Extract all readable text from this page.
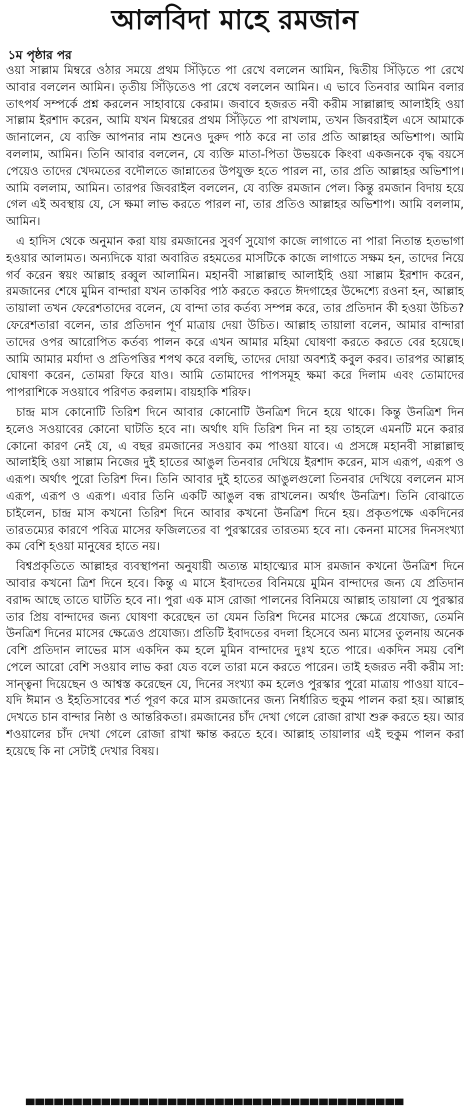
আলবিদা মাহে রমজান
১ম পৃষ্ঠার পর

ওয়া সাল্লাম মিম্বরে ওঠার সময়ে প্রথম সিঁড়িতে পা রেখে বললেন আমিন, দ্বিতীয় সিঁড়িতে পা রেখে আবার বললেন আমিন। তৃতীয় সিঁড়িতেও পা রেখে বললেন আমিন। এ ভাবে তিনবার আমিন বলার তাৎপর্য সম্পর্কে প্রশ্ন করলেন সাহাবায়ে কেরাম। জবাবে হজরত নবী করীম সাল্লাল্লাহু আলাইহি ওয়া সাল্লাম ইরশাদ করেন, আমি যখন মিম্বরের প্রথম সিঁড়িতে পা রাখলাম, তখন জিবরাইল এসে আমাকে জানালেন, যে ব্যক্তি আপনার নাম শুনেও দুরুদ পাঠ করে না তার প্রতি আল্লাহর অভিশাপ। আমি বললাম, আমিন। তিনি আবার বললেন, যে ব্যক্তি মাতা-পিতা উভয়কে কিংবা একজনকে বৃদ্ধ বয়সে পেয়েও তাদের খেদমতের বদৌলতে জান্নাতের উপযুক্ত হতে পারল না, তার প্রতি আল্লাহর অভিশাপ। আমি বললাম, আমিন। তারপর জিবরাইল বললেন, যে ব্যক্তি রমজান পেল। কিন্তু রমজান বিদায় হয়ে গেল এই অবস্থায় যে, সে ক্ষমা লাভ করতে পারল না, তার প্রতিও আল্লাহর অভিশাপ। আমি বললাম, আমিন।

এ হাদিস থেকে অনুমান করা যায় রমজানের সুবর্ণ সুযোগ কাজে লাগাতে না পারা নিতান্ত হতভাগা হওয়ার আলামত। অন্যদিকে যারা অবারিত রহমতের মাসটিকে কাজে লাগাতে সক্ষম হন, তাদের নিয়ে গর্ব করেন স্বয়ং আল্লাহ রব্বুল আলামিন। মহানবী সাল্লাল্লাহু আলাইহি ওয়া সাল্লাম ইরশাদ করেন, রমজানের শেষে মুমিন বান্দারা যখন তাকবির পাঠ করতে করতে ঈদগাহের উদ্দেশ্যে রওনা হন, আল্লাহ তায়ালা তখন ফেরেশতাদের বলেন, যে বান্দা তার কর্তব্য সম্পন্ন করে, তার প্রতিদান কী হওয়া উচিত? ফেরেশতারা বলেন, তার প্রতিদান পূর্ণ মাত্রায় দেয়া উচিত। আল্লাহ তায়ালা বলেন, আমার বান্দারা তাদের ওপর আরোপিত কর্তব্য পালন করে এখন আমার মহিমা ঘোষণা করতে করতে বের হয়েছে। আমি আমার মর্যাদা ও প্রতিপত্তির শপথ করে বলছি, তাদের দোয়া অবশ্যই কবুল করব। তারপর আল্লাহ ঘোষণা করেন, তোমরা ফিরে যাও। আমি তোমাদের পাপসমূহ ক্ষমা করে দিলাম এবং তোমাদের পাপরাশিকে সওয়াবে পরিণত করলাম। বায়হাকি শরিফ।

চান্দ্র মাস কোনোটি তিরিশ দিনে আবার কোনোটি উনত্রিশ দিনে হয়ে থাকে। কিন্তু উনত্রিশ দিন হলেও সওয়াবের কোনো ঘাটতি হবে না। অর্থাৎ যদি তিরিশ দিন না হয় তাহলে এমনটি মনে করার কোনো কারণ নেই যে, এ বছর রমজানের সওয়াব কম পাওয়া যাবে। এ প্রসঙ্গে মহানবী সাল্লাল্লাহু আলাইহি ওয়া সাল্লাম নিজের দুই হাতের আঙুল তিনবার দেখিয়ে ইরশাদ করেন, মাস এরূপ, এরূপ ও এরূপ। অর্থাৎ পুরো তিরিশ দিন। তিনি আবার দুই হাতের আঙুলগুলো তিনবার দেখিয়ে বললেন মাস এরূপ, এরূপ ও এরূপ। এবার তিনি একটি আঙুল বন্ধ রাখলেন। অর্থাৎ উনত্রিশ। তিনি বোঝাতে চাইলেন, চান্দ্র মাস কখনো তিরিশ দিনে আবার কখনো উনত্রিশ দিনে হয়। প্রকৃতপক্ষে একদিনের তারতম্যের কারণে পবিত্র মাসের ফজিলতের বা পুরস্কারের তারতম্য হবে না। কেননা মাসের দিনসংখ্যা কম বেশি হওয়া মানুষের হাতে নয়।

বিশ্বপ্রকৃতিতে আল্লাহর ব্যবস্থাপনা অনুযায়ী অত্যন্ত মাহাত্ম্যের মাস রমজান কখনো উনত্রিশ দিনে আবার কখনো ত্রিশ দিনে হবে। কিন্তু এ মাসে ইবাদতের বিনিময়ে মুমিন বান্দাদের জন্য যে প্রতিদান বরাদ্দ আছে তাতে ঘাটতি হবে না। পুরা এক মাস রোজা পালনের বিনিময়ে আল্লাহ তায়ালা যে পুরস্কার তার প্রিয় বান্দাদের জন্য ঘোষণা করেছেন তা যেমন তিরিশ দিনের মাসের ক্ষেত্রে প্রযোজ্য, তেমনি উনত্রিশ দিনের মাসের ক্ষেত্রেও প্রযোজ্য। প্রতিটি ইবাদতের বদলা হিসেবে অন্য মাসের তুলনায় অনেক বেশি প্রতিদান লাভের মাস একদিন কম হলে মুমিন বান্দাদের দুঃখ হতে পারে। একদিন সময় বেশি পেলে আরো বেশি সওয়াব লাভ করা যেত বলে তারা মনে করতে পারেন। তাই হজরত নবী করীম সা: সান্ত্বনা দিয়েছেন ও আশ্বস্ত করেছেন যে, দিনের সংখ্যা কম হলেও পুরস্কার পুরো মাত্রায় পাওয়া যাবে– যদি ঈমান ও ইহতিসাবের শর্ত পূরণ করে মাস রমজানের জন্য নির্ধারিত হুকুম পালন করা হয়। আল্লাহ দেখতে চান বান্দার নিষ্ঠা ও আন্তরিকতা। রমজানের চাঁদ দেখা গেলে রোজা রাখা শুরু করতে হয়। আর শওয়ালের চাঁদ দেখা গেলে রোজা রাখা ক্ষান্ত করতে হবে। আল্লাহ তায়ালার এই হুকুম পালন করা হয়েছে কি না সেটাই দেখার বিষয়।

▀▀▀▀▀▀▀▀▀▀▀▀▀▀▀▀▀▀▀▀▀▀▀▀▀▀▀▀▀▀▀▀▀▀▀▀▀▀▀▀
